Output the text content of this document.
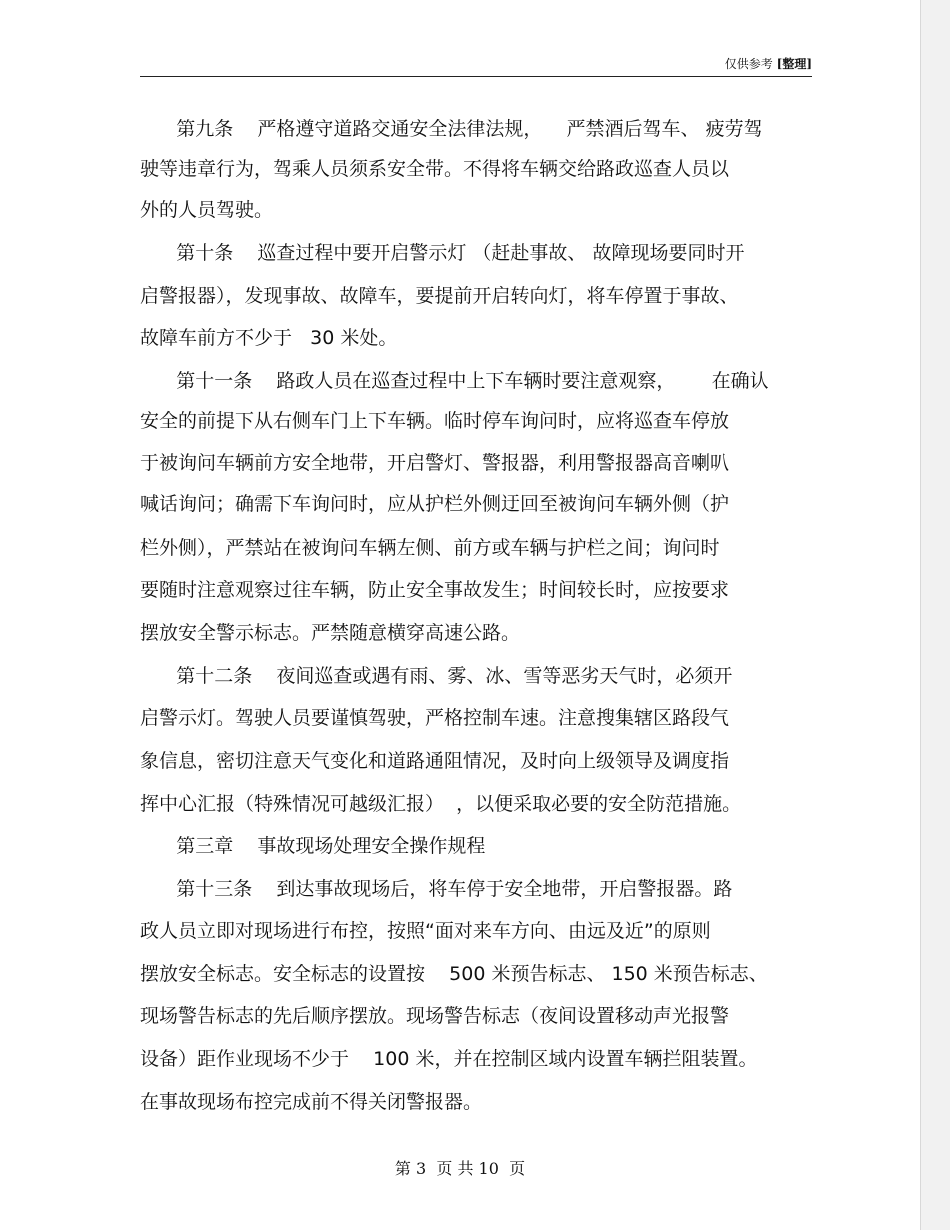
仅供参考 [整理]
第九条    严格遵守道路交通安全法律法规，    严禁酒后驾车、 疲劳驾
驶等违章行为，驾乘人员须系安全带。不得将车辆交给路政巡查人员以
外的人员驾驶。
第十条    巡查过程中要开启警示灯 （赶赴事故、 故障现场要同时开
启警报器），发现事故、故障车，要提前开启转向灯，将车停置于事故、
故障车前方不少于   30 米处。
第十一条    路政人员在巡查过程中上下车辆时要注意观察，      在确认
安全的前提下从右侧车门上下车辆。临时停车询问时，应将巡查车停放
于被询问车辆前方安全地带，开启警灯、警报器，利用警报器高音喇叭
喊话询问；确需下车询问时，应从护栏外侧迂回至被询问车辆外侧（护
栏外侧），严禁站在被询问车辆左侧、前方或车辆与护栏之间；询问时
要随时注意观察过往车辆，防止安全事故发生；时间较长时，应按要求
摆放安全警示标志。严禁随意横穿高速公路。
第十二条    夜间巡查或遇有雨、雾、冰、雪等恶劣天气时，必须开
启警示灯。驾驶人员要谨慎驾驶，严格控制车速。注意搜集辖区路段气
象信息，密切注意天气变化和道路通阻情况，及时向上级领导及调度指
挥中心汇报（特殊情况可越级汇报）  ，以便采取必要的安全防范措施。
第三章    事故现场处理安全操作规程
第十三条    到达事故现场后，将车停于安全地带，开启警报器。路
政人员立即对现场进行布控，按照“面对来车方向、由远及近”的原则
摆放安全标志。安全标志的设置按    500 米预告标志、 150 米预告标志、
现场警告标志的先后顺序摆放。现场警告标志（夜间设置移动声光报警
设备）距作业现场不少于    100 米，并在控制区域内设置车辆拦阻装置。
在事故现场布控完成前不得关闭警报器。
第 3  页 共 10  页
